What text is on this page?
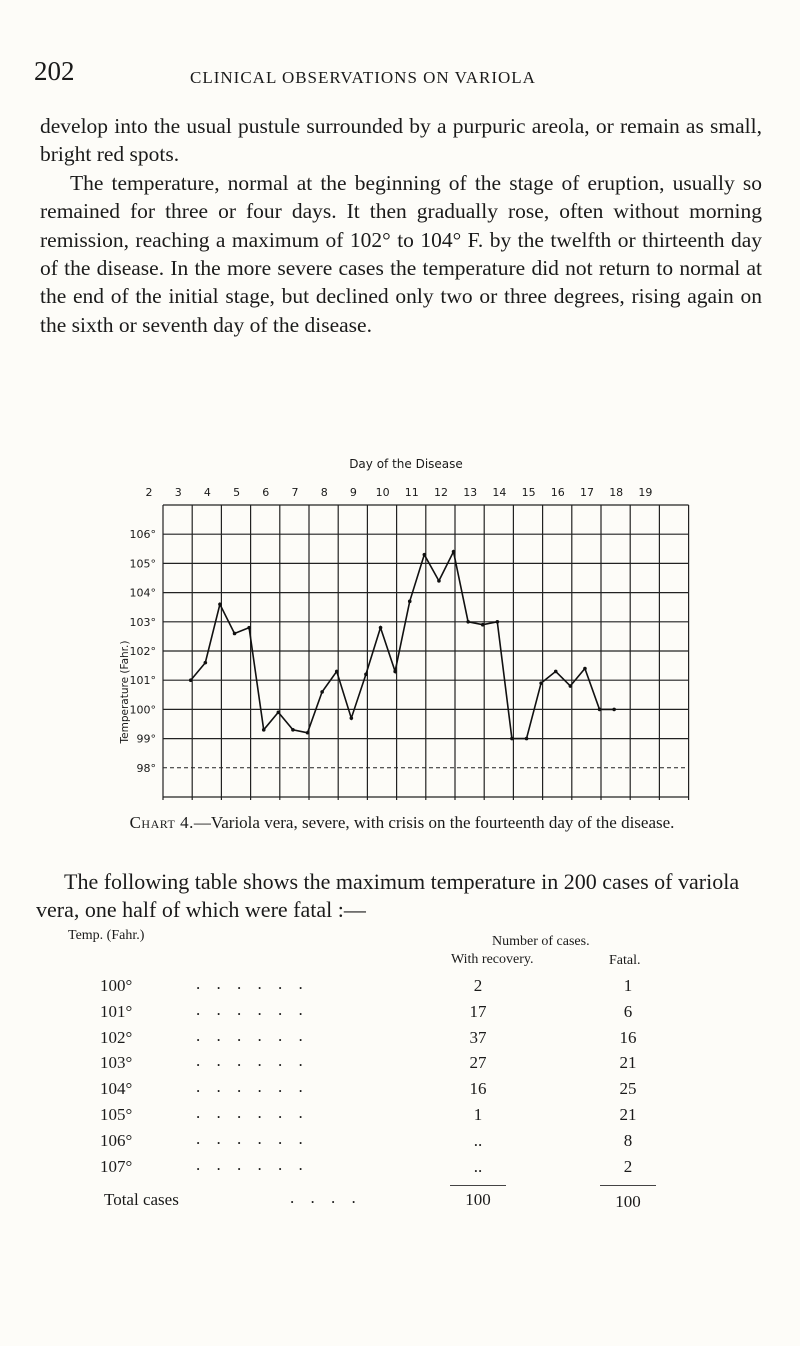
202	CLINICAL OBSERVATIONS ON VARIOLA

develop into the usual pustule surrounded by a purpuric areola, or remain as small, bright red spots.

The temperature, normal at the beginning of the stage of eruption, usually so remained for three or four days. It then gradually rose, often without morning remission, reaching a maximum of 102° to 104° F. by the twelfth or thirteenth day of the disease. In the more severe cases the temperature did not return to normal at the end of the initial stage, but declined only two or three degrees, rising again on the sixth or seventh day of the disease.

Day of the Disease
2 3 4 5 6 7 8 9 10 11 12 13 14 15 16 17 18 19
106°
105°
104°
103°
102°
101°
100°
99°
98°
Temperature (Fahr.)
Chart 4.—Variola vera, severe, with crisis on the fourteenth day of the disease.

The following table shows the maximum temperature in 200 cases of variola vera, one half of which were fatal :—

Temp. (Fahr.)	Number of cases.
With recovery.	Fatal.
100°	. . . . . .	2	1
101°	. . . . . .	17	6
102°	. . . . . .	37	16
103°	. . . . . .	27	21
104°	. . . . . .	16	25
105°	. . . . . .	1	21
106°	. . . . . .	..	8
107°	. . . . . .	..	2
Total cases	. . . .	100	100
